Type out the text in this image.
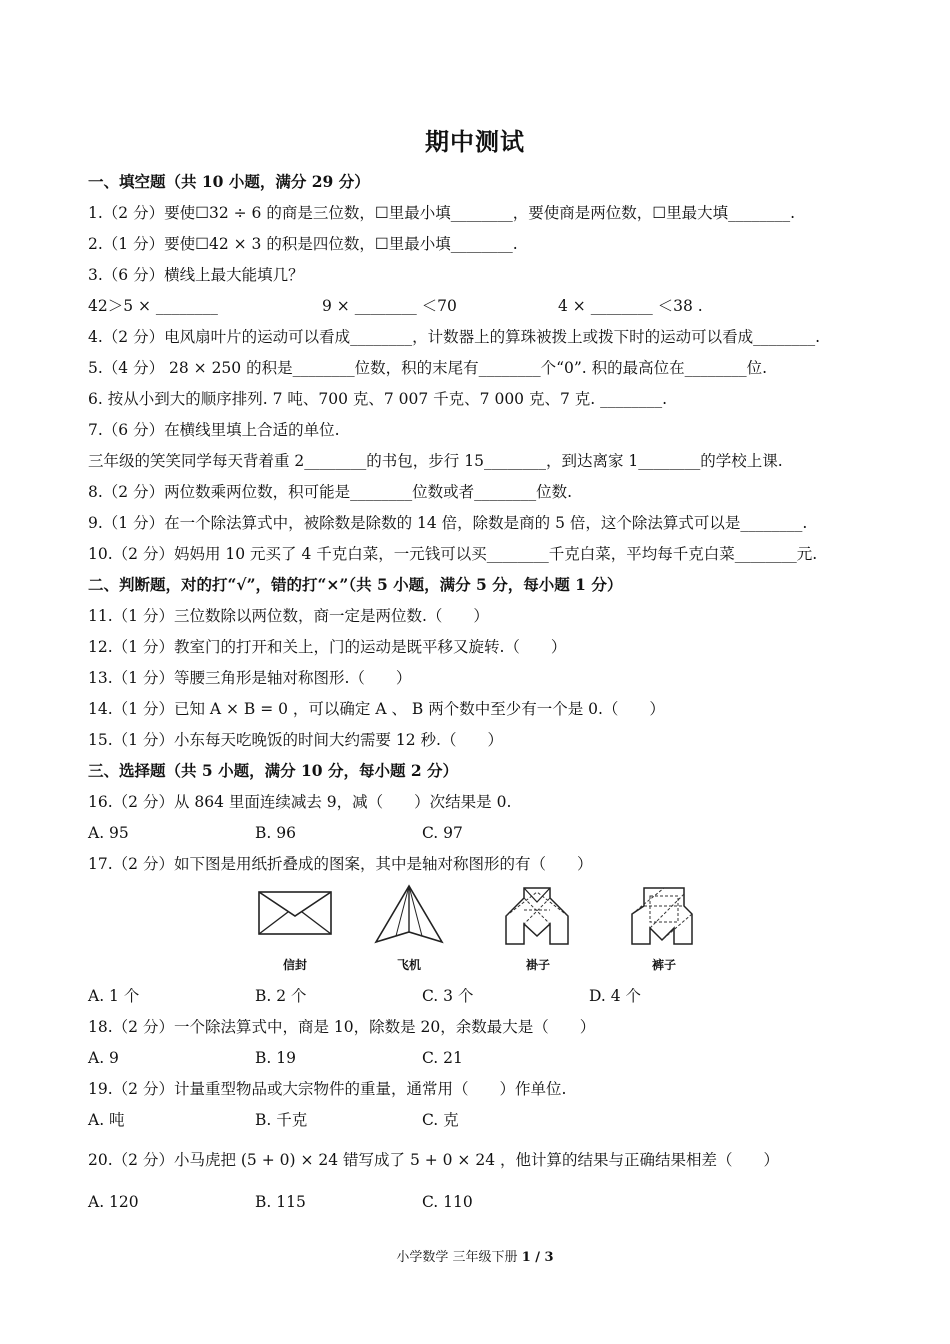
期中测试
一、填空题（共 10 小题，满分 29 分）
1.（2 分）要使☐32 ÷ 6 的商是三位数，☐里最小填________，要使商是两位数，☐里最大填________.
2.（1 分）要使☐42 × 3 的积是四位数，☐里最小填________.
3.（6 分）横线上最大能填几？
42＞5 × ________	9 × ________ ＜70	4 × ________ ＜38 .
4.（2 分）电风扇叶片的运动可以看成________，计数器上的算珠被拨上或拨下时的运动可以看成________.
5.（4 分） 28 × 250 的积是________位数，积的末尾有________个“0”. 积的最高位在________位.
6. 按从小到大的顺序排列. 7 吨、700 克、7 007 千克、7 000 克、7 克. ________.
7.（6 分）在横线里填上合适的单位.
三年级的笑笑同学每天背着重 2________的书包，步行 15________，到达离家 1________的学校上课.
8.（2 分）两位数乘两位数，积可能是________位数或者________位数.
9.（1 分）在一个除法算式中，被除数是除数的 14 倍，除数是商的 5 倍，这个除法算式可以是________.
10.（2 分）妈妈用 10 元买了 4 千克白菜，一元钱可以买________千克白菜，平均每千克白菜________元.
二、判断题，对的打“√”，错的打“×”（共 5 小题，满分 5 分，每小题 1 分）
11.（1 分）三位数除以两位数，商一定是两位数.（　　）
12.（1 分）教室门的打开和关上，门的运动是既平移又旋转.（　　）
13.（1 分）等腰三角形是轴对称图形.（　　）
14.（1 分）已知 A × B = 0 ，可以确定 A 、 B 两个数中至少有一个是 0.（　　）
15.（1 分）小东每天吃晚饭的时间大约需要 12 秒.（　　）
三、选择题（共 5 小题，满分 10 分，每小题 2 分）
16.（2 分）从 864 里面连续减去 9，减（　　）次结果是 0.
A. 95	B. 96	C. 97
17.（2 分）如下图是用纸折叠成的图案，其中是轴对称图形的有（　　）
信封	飞机	褂子	裤子
A. 1 个	B. 2 个	C. 3 个	D. 4 个
18.（2 分）一个除法算式中，商是 10，除数是 20，余数最大是（　　）
A. 9	B. 19	C. 21
19.（2 分）计量重型物品或大宗物件的重量，通常用（　　）作单位.
A. 吨	B. 千克	C. 克
20.（2 分）小马虎把 (5 + 0) × 24 错写成了 5 + 0 × 24 ，他计算的结果与正确结果相差（　　）
A. 120	B. 115	C. 110
小学数学 三年级下册 1 / 3
